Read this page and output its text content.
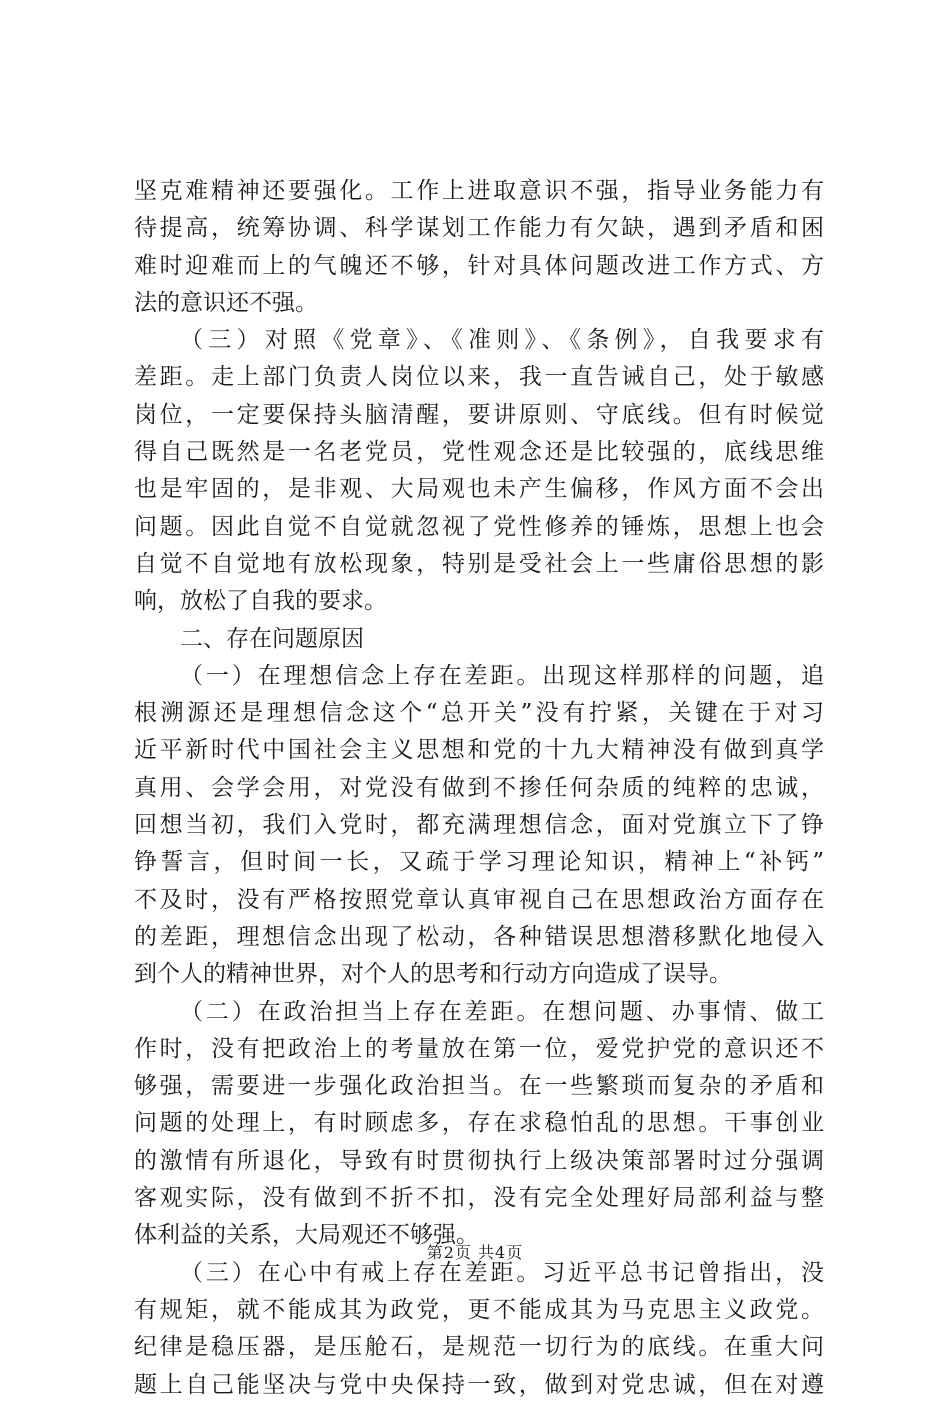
坚克难精神还要强化。工作上进取意识不强，指导业务能力有
待提高，统筹协调、科学谋划工作能力有欠缺，遇到矛盾和困
难时迎难而上的气魄还不够，针对具体问题改进工作方式、方
法的意识还不强。
（三）对照《党章》、《准则》、《条例》，自我要求有
差距。走上部门负责人岗位以来，我一直告诫自己，处于敏感
岗位，一定要保持头脑清醒，要讲原则、守底线。但有时候觉
得自己既然是一名老党员，党性观念还是比较强的，底线思维
也是牢固的，是非观、大局观也未产生偏移，作风方面不会出
问题。因此自觉不自觉就忽视了党性修养的锤炼，思想上也会
自觉不自觉地有放松现象，特别是受社会上一些庸俗思想的影
响，放松了自我的要求。
二、存在问题原因
（一）在理想信念上存在差距。出现这样那样的问题，追
根溯源还是理想信念这个“总开关”没有拧紧，关键在于对习
近平新时代中国社会主义思想和党的十九大精神没有做到真学
真用、会学会用，对党没有做到不掺任何杂质的纯粹的忠诚，
回想当初，我们入党时，都充满理想信念，面对党旗立下了铮
铮誓言，但时间一长，又疏于学习理论知识，精神上“补钙”
不及时，没有严格按照党章认真审视自己在思想政治方面存在
的差距，理想信念出现了松动，各种错误思想潜移默化地侵入
到个人的精神世界，对个人的思考和行动方向造成了误导。
（二）在政治担当上存在差距。在想问题、办事情、做工
作时，没有把政治上的考量放在第一位，爱党护党的意识还不
够强，需要进一步强化政治担当。在一些繁琐而复杂的矛盾和
问题的处理上，有时顾虑多，存在求稳怕乱的思想。干事创业
的激情有所退化，导致有时贯彻执行上级决策部署时过分强调
客观实际，没有做到不折不扣，没有完全处理好局部利益与整
体利益的关系，大局观还不够强。
（三）在心中有戒上存在差距。习近平总书记曾指出，没
有规矩，就不能成其为政党，更不能成其为马克思主义政党。
纪律是稳压器，是压舱石，是规范一切行为的底线。在重大问
题上自己能坚决与党中央保持一致，做到对党忠诚，但在对遵
第2页 共4页
